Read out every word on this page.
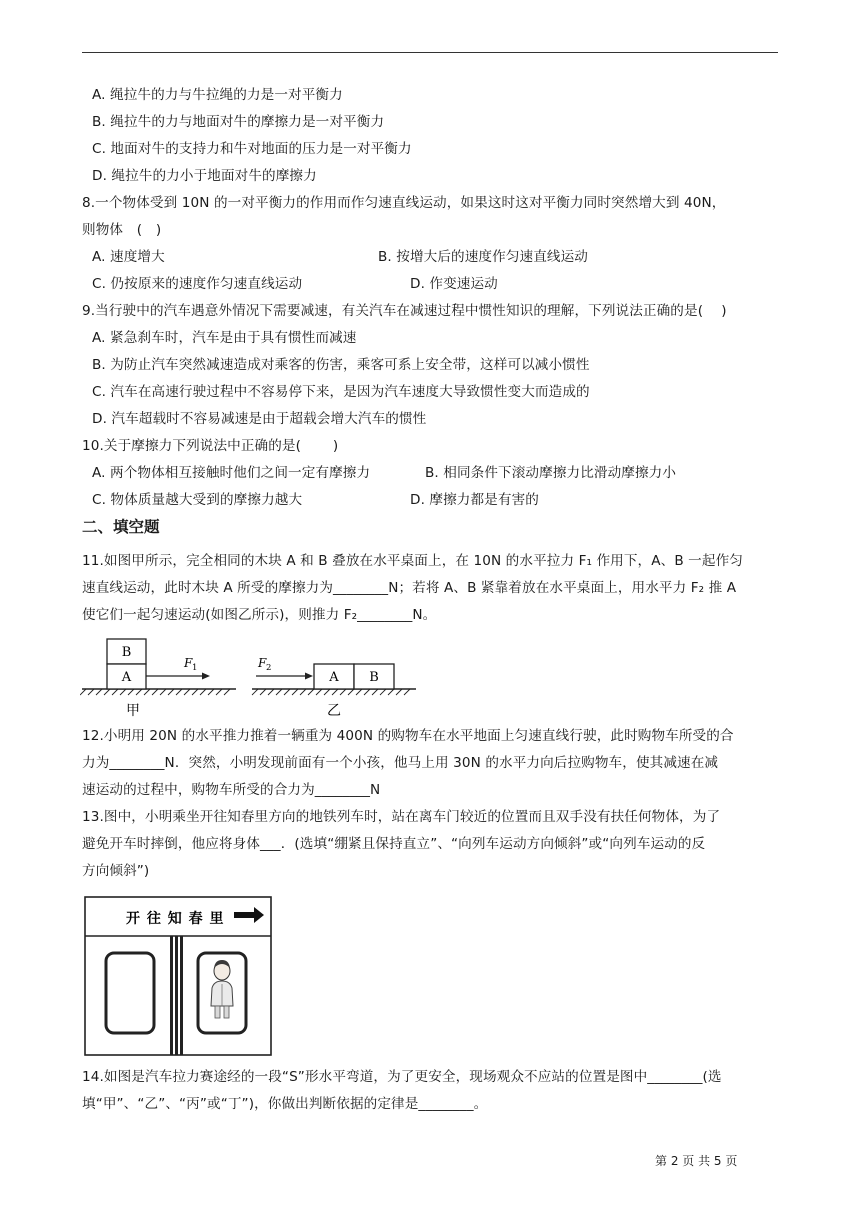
A. 绳拉牛的力与牛拉绳的力是一对平衡力
B. 绳拉牛的力与地面对牛的摩擦力是一对平衡力
C. 地面对牛的支持力和牛对地面的压力是一对平衡力
D. 绳拉牛的力小于地面对牛的摩擦力
8.一个物体受到 10N 的一对平衡力的作用而作匀速直线运动，如果这时这对平衡力同时突然增大到 40N，
则物体　(　)
A. 速度增大	B. 按增大后的速度作匀速直线运动
C. 仍按原来的速度作匀速直线运动	D. 作变速运动
9.当行驶中的汽车遇意外情况下需要减速，有关汽车在减速过程中惯性知识的理解，下列说法正确的是(　 )
A. 紧急刹车时，汽车是由于具有惯性而减速
B. 为防止汽车突然减速造成对乘客的伤害，乘客可系上安全带，这样可以减小惯性
C. 汽车在高速行驶过程中不容易停下来，是因为汽车速度大导致惯性变大而造成的
D. 汽车超载时不容易减速是由于超载会增大汽车的惯性
10.关于摩擦力下列说法中正确的是(　　 )
A. 两个物体相互接触时他们之间一定有摩擦力	B. 相同条件下滚动摩擦力比滑动摩擦力小
C. 物体质量越大受到的摩擦力越大	D. 摩擦力都是有害的
二、填空题
11.如图甲所示，完全相同的木块 A 和 B 叠放在水平桌面上，在 10N 的水平拉力 F₁ 作用下，A、B 一起作匀
速直线运动，此时木块 A 所受的摩擦力为________N；若将 A、B 紧靠着放在水平桌面上，用水平力 F₂ 推 A
使它们一起匀速运动(如图乙所示)，则推力 F₂________N。
B
A
F 1
甲
A B
F 2
乙
12.小明用 20N 的水平推力推着一辆重为 400N 的购物车在水平地面上匀速直线行驶，此时购物车所受的合
力为________N．突然，小明发现前面有一个小孩，他马上用 30N 的水平力向后拉购物车，使其减速在减
速运动的过程中，购物车所受的合力为________N
13.图中，小明乘坐开往知春里方向的地铁列车时，站在离车门较近的位置而且双手没有扶任何物体，为了
避免开车时摔倒，他应将身体___．(选填“绷紧且保持直立”、“向列车运动方向倾斜”或“向列车运动的反
方向倾斜”)
开 往 知 春 里
14.如图是汽车拉力赛途经的一段“S”形水平弯道，为了更安全，现场观众不应站的位置是图中________(选
填“甲”、“乙”、“丙”或“丁”)，你做出判断依据的定律是________。
第 2 页 共 5 页
